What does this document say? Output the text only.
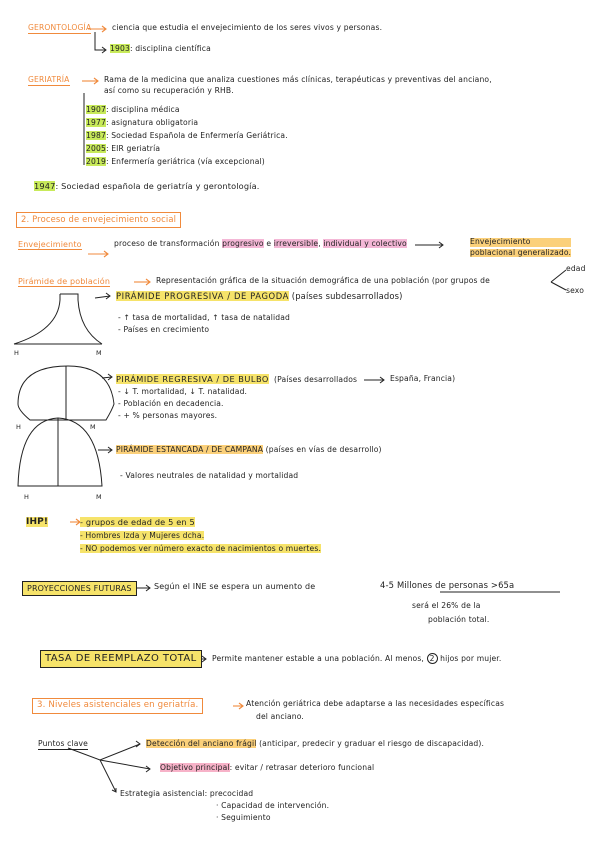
GERONTOLOGÍA	ciencia que estudia el envejecimiento de los seres vivos y personas.
1903: disciplina científica
GERIATRÍA	Rama de la medicina que analiza cuestiones más clínicas, terapéuticas y preventivas del anciano,
así como su recuperación y RHB.
1907: disciplina médica
1977: asignatura obligatoria
1987: Sociedad Española de Enfermería Geriátrica.
2005: EIR geriatría
2019: Enfermería geriátrica (vía excepcional)
1947: Sociedad española de geriatría y gerontología.
2. Proceso de envejecimiento social
Envejecimiento	proceso de transformación progresivo e irreversible, individual y colectivo	Envejecimiento
poblacional generalizado.
Pirámide de población	Representación gráfica de la situación demográfica de una población (por grupos de
edad
sexo
H	M
PIRÁMIDE PROGRESIVA / DE PAGODA (países subdesarrollados)
- ↑ tasa de mortalidad, ↑ tasa de natalidad
- Países en crecimiento
H	M
PIRÁMIDE REGRESIVA / DE BULBO (Países desarrollados	España, Francia)
- ↓ T. mortalidad, ↓ T. natalidad.
- Población en decadencia.
- + % personas mayores.
H	M
PIRÁMIDE ESTANCADA / DE CAMPANA (países en vías de desarrollo)
- Valores neutrales de natalidad y mortalidad
IHP!	- grupos de edad de 5 en 5
- Hombres Izda y Mujeres dcha.
- NO podemos ver número exacto de nacimientos o muertes.
PROYECCIONES FUTURAS	Según el INE se espera un aumento de	4-5 Millones de personas >65a
será el 26% de la
población total.
TASA DE REEMPLAZO TOTAL	Permite mantener estable a una población. Al menos, 2 hijos por mujer.
3. Niveles asistenciales en geriatría.	Atención geriátrica debe adaptarse a las necesidades específicas
del anciano.
Puntos clave	Detección del anciano frágil (anticipar, predecir y graduar el riesgo de discapacidad).
Objetivo principal: evitar / retrasar deterioro funcional
Estrategia asistencial: precocidad
· Capacidad de intervención.
· Seguimiento
